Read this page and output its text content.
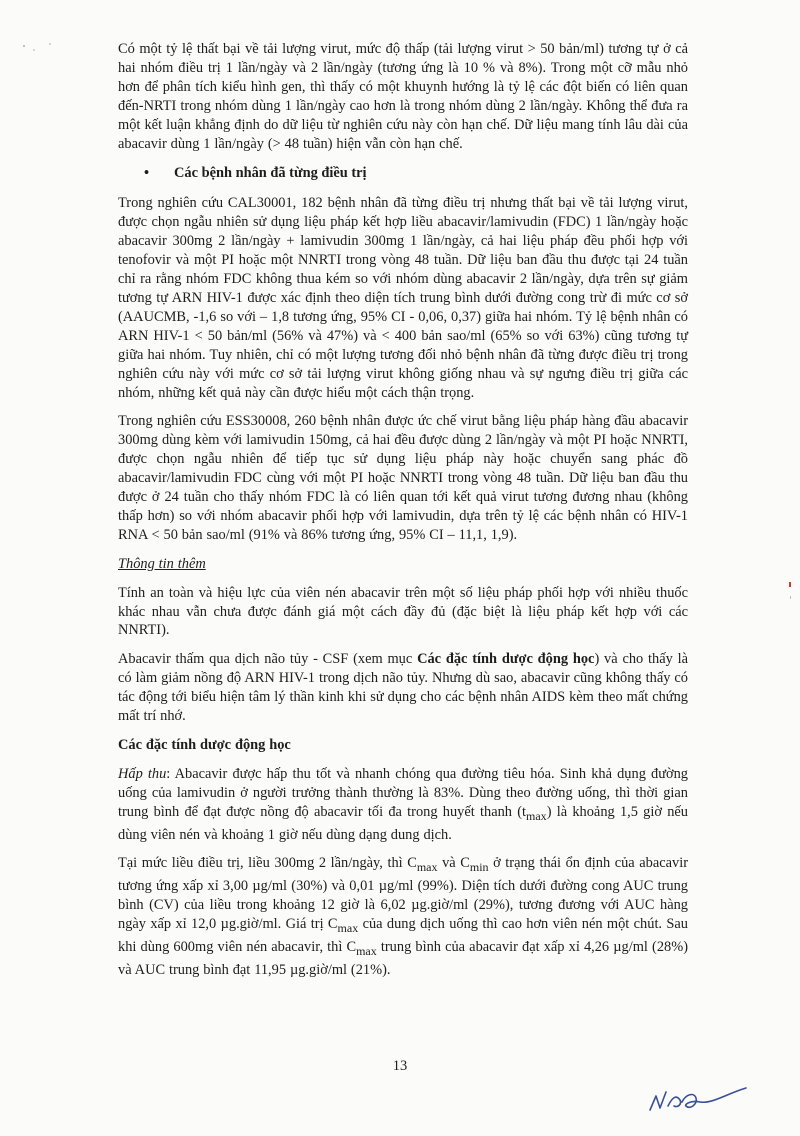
Có một tỷ lệ thất bại về tải lượng virut, mức độ thấp (tải lượng virut > 50 bản/ml) tương tự ở cả hai nhóm điều trị 1 lần/ngày và 2 lần/ngày (tương ứng là 10 % và 8%). Trong một cỡ mẫu nhỏ hơn để phân tích kiểu hình gen, thì thấy có một khuynh hướng là tỷ lệ các đột biến có liên quan đến-NRTI trong nhóm dùng 1 lần/ngày cao hơn là trong nhóm dùng 2 lần/ngày. Không thể đưa ra một kết luận khẳng định do dữ liệu từ nghiên cứu này còn hạn chế. Dữ liệu mang tính lâu dài của abacavir dùng 1 lần/ngày (> 48 tuần) hiện vẫn còn hạn chế.

•	Các bệnh nhân đã từng điều trị

Trong nghiên cứu CAL30001, 182 bệnh nhân đã từng điều trị nhưng thất bại về tải lượng virut, được chọn ngẫu nhiên sử dụng liệu pháp kết hợp liều abacavir/lamivudin (FDC) 1 lần/ngày hoặc abacavir 300mg 2 lần/ngày + lamivudin 300mg 1 lần/ngày, cả hai liệu pháp đều phối hợp với tenofovir và một PI hoặc một NNRTI trong vòng 48 tuần. Dữ liệu ban đầu thu được tại 24 tuần chỉ ra rằng nhóm FDC không thua kém so với nhóm dùng abacavir 2 lần/ngày, dựa trên sự giảm tương tự ARN HIV-1 được xác định theo diện tích trung bình dưới đường cong trừ đi mức cơ sở (AAUCMB, -1,6 so với – 1,8 tương ứng, 95% CI - 0,06, 0,37) giữa hai nhóm. Tỷ lệ bệnh nhân có ARN HIV-1 < 50 bản/ml (56% và 47%) và < 400 bản sao/ml (65% so với 63%) cũng tương tự giữa hai nhóm. Tuy nhiên, chỉ có một lượng tương đối nhỏ bệnh nhân đã từng được điều trị trong nghiên cứu này với mức cơ sở tải lượng virut không giống nhau và sự ngưng điều trị giữa các nhóm, những kết quả này cần được hiểu một cách thận trọng.

Trong nghiên cứu ESS30008, 260 bệnh nhân được ức chế virut bằng liệu pháp hàng đầu abacavir 300mg dùng kèm với lamivudin 150mg, cả hai đều được dùng 2 lần/ngày và một PI hoặc NNRTI, được chọn ngẫu nhiên để tiếp tục sử dụng liệu pháp này hoặc chuyển sang phác đồ abacavir/lamivudin FDC cùng với một PI hoặc NNRTI trong vòng 48 tuần. Dữ liệu ban đầu thu được ở 24 tuần cho thấy nhóm FDC là có liên quan tới kết quả virut tương đương nhau (không thấp hơn) so với nhóm abacavir phối hợp với lamivudin, dựa trên tỷ lệ các bệnh nhân có HIV-1 RNA < 50 bản sao/ml (91% và 86% tương ứng, 95% CI – 11,1, 1,9).

Thông tin thêm

Tính an toàn và hiệu lực của viên nén abacavir trên một số liệu pháp phối hợp với nhiều thuốc khác nhau vẫn chưa được đánh giá một cách đầy đủ (đặc biệt là liệu pháp kết hợp với các NNRTI).

Abacavir thấm qua dịch não tủy - CSF (xem mục Các đặc tính dược động học) và cho thấy là có làm giảm nồng độ ARN HIV-1 trong dịch não tủy. Nhưng dù sao, abacavir cũng không thấy có tác động tới biểu hiện tâm lý thần kinh khi sử dụng cho các bệnh nhân AIDS kèm theo mất chứng mất trí nhớ.

Các đặc tính dược động học

Hấp thu: Abacavir được hấp thu tốt và nhanh chóng qua đường tiêu hóa. Sinh khả dụng đường uống của lamivudin ở người trưởng thành thường là 83%. Dùng theo đường uống, thì thời gian trung bình để đạt được nồng độ abacavir tối đa trong huyết thanh $(t_{max})$ là khoảng 1,5 giờ nếu dùng viên nén và khoảng 1 giờ nếu dùng dạng dung dịch.

Tại mức liều điều trị, liều 300mg 2 lần/ngày, thì $C_{max}$ và $C_{min}$ ở trạng thái ổn định của abacavir tương ứng xấp xỉ 3,00 µg/ml (30%) và 0,01 µg/ml (99%). Diện tích dưới đường cong AUC trung bình (CV) của liều trong khoảng 12 giờ là 6,02 µg.giờ/ml (29%), tương đương với AUC hàng ngày xấp xỉ 12,0 µg.giờ/ml. Giá trị $C_{max}$ của dung dịch uống thì cao hơn viên nén một chút. Sau khi dùng 600mg viên nén abacavir, thì $C_{max}$ trung bình của abacavir đạt xấp xỉ 4,26 µg/ml (28%) và AUC trung bình đạt 11,95 µg.giờ/ml (21%).

13
